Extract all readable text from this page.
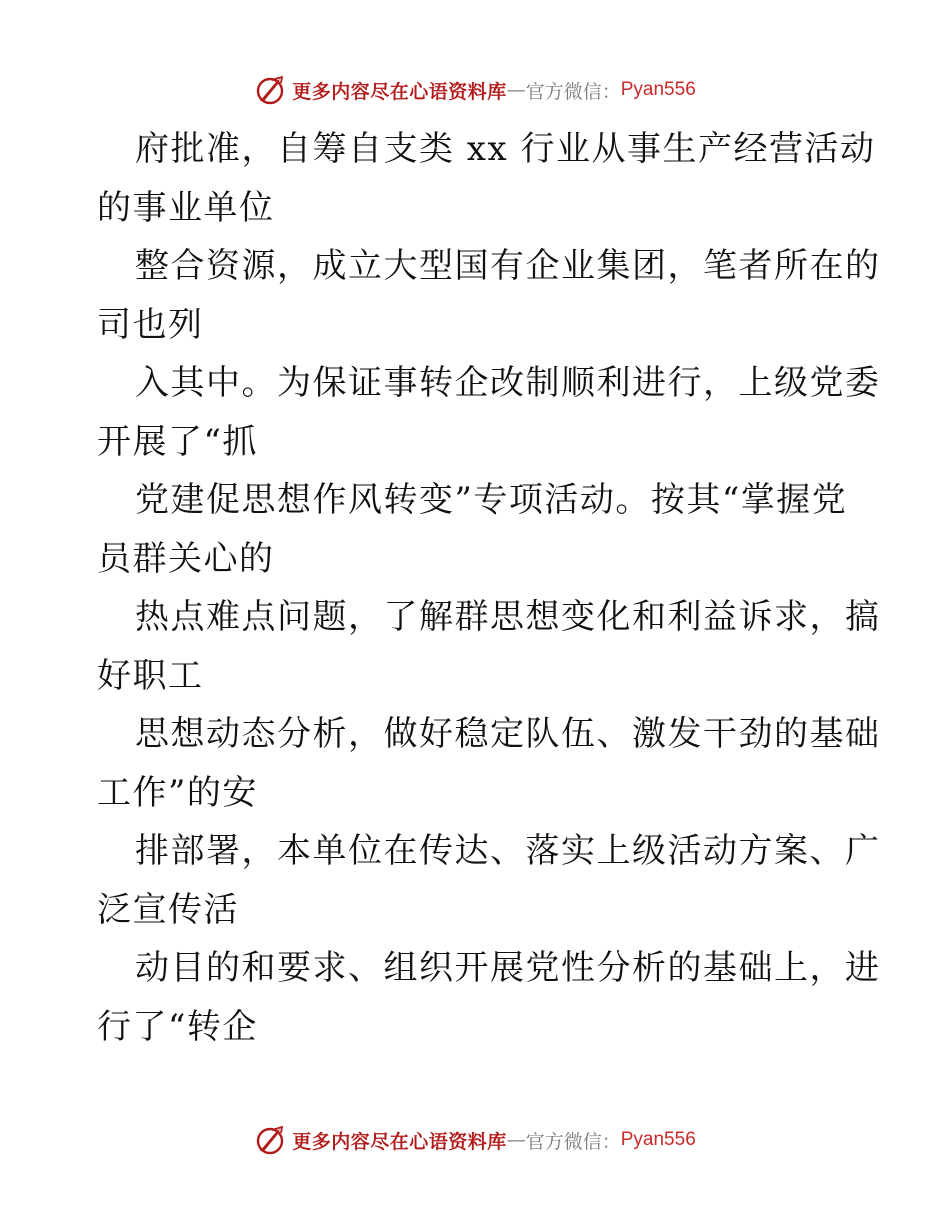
更多内容尽在心语资料库 — 官方微信： Pyan556
府批准，自筹自支类 xx 行业从事生产经营活动
的事业单位
整合资源，成立大型国有企业集团，笔者所在的
司也列
入其中。为保证事转企改制顺利进行，上级党委
开展了“抓
党建促思想作风转变”专项活动。按其“掌握党
员群关心的
热点难点问题，了解群思想变化和利益诉求，搞
好职工
思想动态分析，做好稳定队伍、激发干劲的基础
工作”的安
排部署，本单位在传达、落实上级活动方案、广
泛宣传活
动目的和要求、组织开展党性分析的基础上，进
行了“转企
更多内容尽在心语资料库 — 官方微信： Pyan556
